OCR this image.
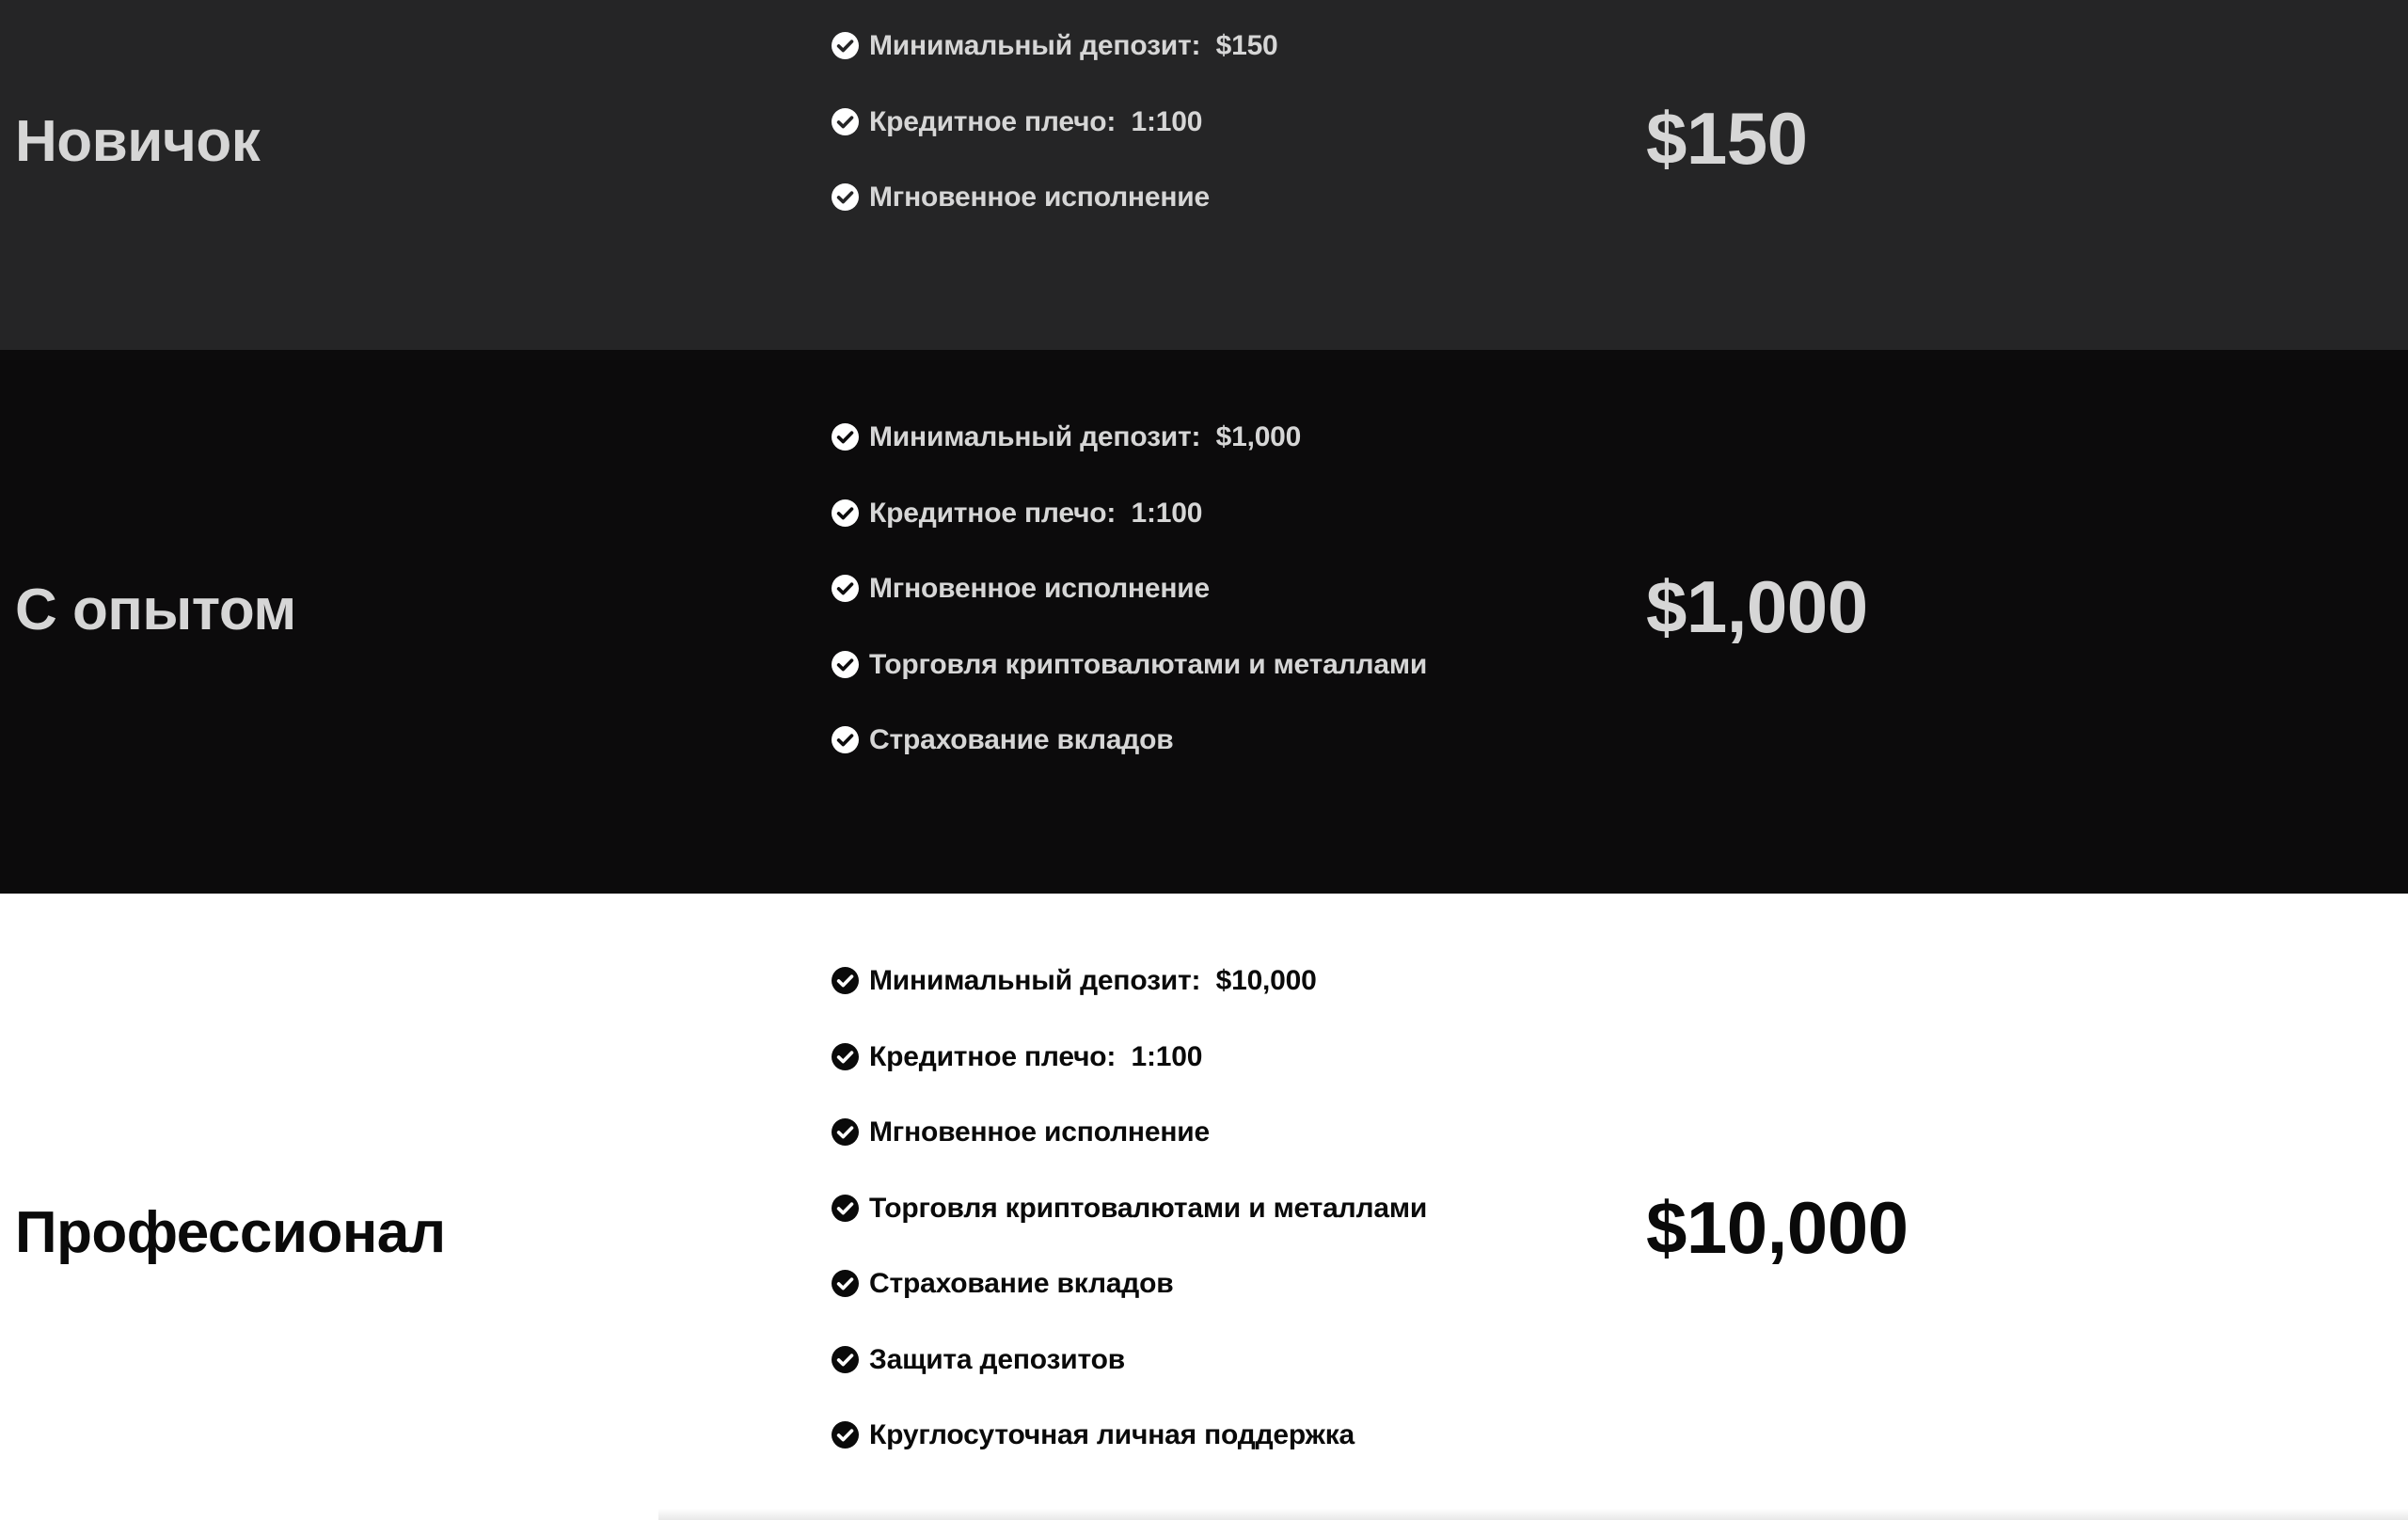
Новичок
Минимальный депозит: $150
Кредитное плечо: 1:100
Мгновенное исполнение
$150
С опытом
Минимальный депозит: $1,000
Кредитное плечо: 1:100
Мгновенное исполнение
Торговля криптовалютами и металлами
Страхование вкладов
$1,000
Профессионал
Минимальный депозит: $10,000
Кредитное плечо: 1:100
Мгновенное исполнение
Торговля криптовалютами и металлами
Страхование вкладов
Защита депозитов
Круглосуточная личная поддержка
$10,000
